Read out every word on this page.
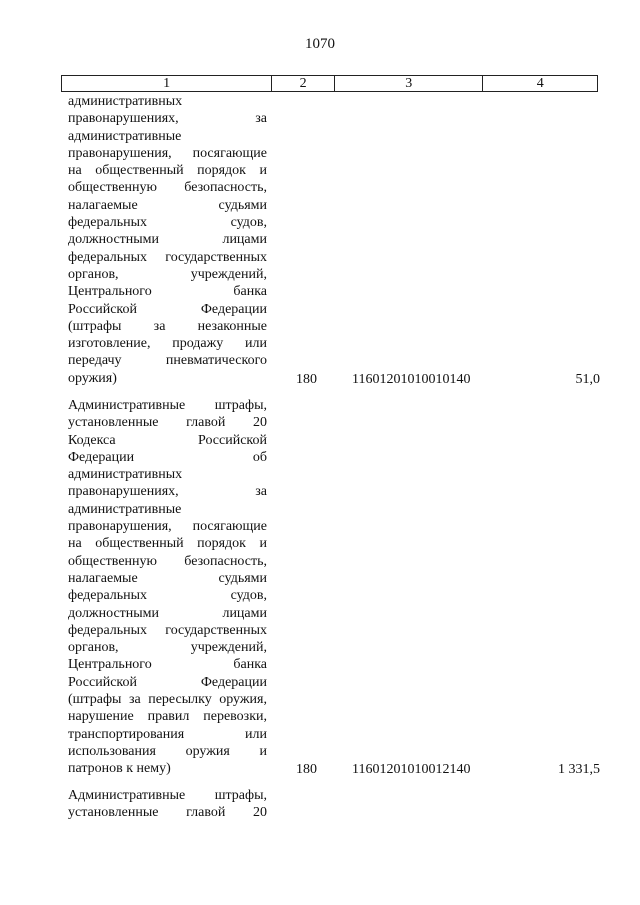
1070
1	2	3	4
административных
правонарушениях,	за
административные
правонарушения, посягающие
на общественный порядок и
общественную безопасность,
налагаемые	судьями
федеральных	судов,
должностными	лицами
федеральных государственных
органов,	учреждений,
Центрального	банка
Российской	Федерации
(штрафы за незаконные
изготовление, продажу или
передачу	пневматического
оружия)	180	11601201010010140	51,0
Административные штрафы,
установленные главой 20
Кодекса	Российской
Федерации	об
административных
правонарушениях,	за
административные
правонарушения, посягающие
на общественный порядок и
общественную безопасность,
налагаемые	судьями
федеральных	судов,
должностными	лицами
федеральных государственных
органов,	учреждений,
Центрального	банка
Российской	Федерации
(штрафы за пересылку оружия,
нарушение правил перевозки,
транспортирования	или
использования оружия и
патронов к нему)	180	11601201010012140	1 331,5
Административные штрафы,
установленные главой 20
